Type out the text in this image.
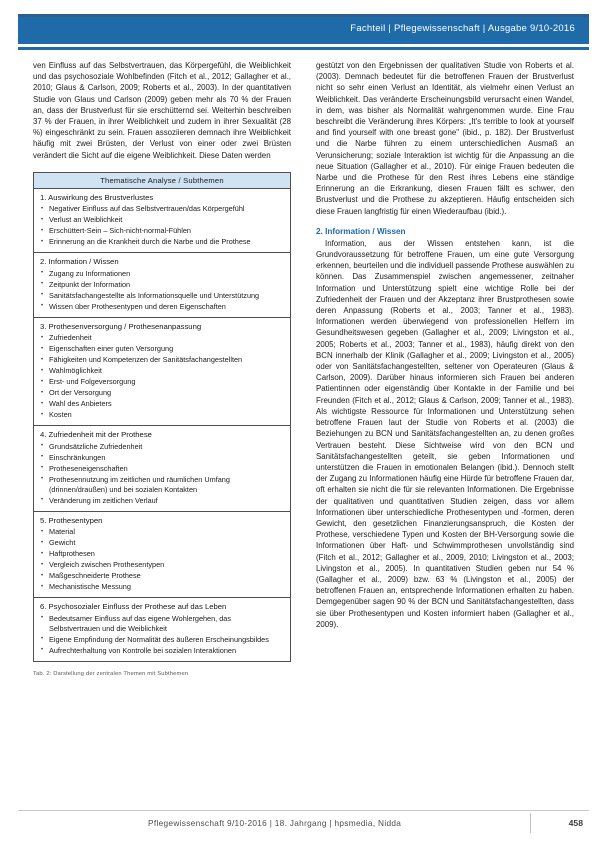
Fachteil | Pflegewissenschaft | Ausgabe 9/10-2016

ven Einfluss auf das Selbstvertrauen, das Körpergefühl, die Weiblichkeit und das psychosoziale Wohlbefinden (Fitch et al., 2012; Gallagher et al., 2010; Glaus & Carlson, 2009; Roberts et al., 2003). In der quantitativen Studie von Glaus und Carlson (2009) geben mehr als 70 % der Frauen an, dass der Brustverlust für sie erschütternd sei. Weiterhin beschreiben 37 % der Frauen, in ihrer Weiblichkeit und zudem in ihrer Sexualität (28 %) eingeschränkt zu sein. Frauen assoziieren demnach ihre Weiblichkeit häufig mit zwei Brüsten, der Verlust von einer oder zwei Brüsten verändert die Sicht auf die eigene Weiblichkeit. Diese Daten werden

Thematische Analyse / Subthemen
1. Auswirkung des Brustverlustes
• Negativer Einfluss auf das Selbstvertrauen/das Körpergefühl
• Verlust an Weiblichkeit
• Erschüttert-Sein – Sich-nicht-normal-Fühlen
• Erinnerung an die Krankheit durch die Narbe und die Prothese
2. Information / Wissen
• Zugang zu Informationen
• Zeitpunkt der Information
• Sanitätsfachangestellte als Informationsquelle und Unterstützung
• Wissen über Prothesentypen und deren Eigenschaften
3. Prothesenversorgung / Prothesenanpassung
• Zufriedenheit
• Eigenschaften einer guten Versorgung
• Fähigkeiten und Kompetenzen der Sanitätsfachangestellten
• Wahlmöglichkeit
• Erst- und Folgeversorgung
• Ort der Versorgung
• Wahl des Anbieters
• Kosten
4. Zufriedenheit mit der Prothese
• Grundsätzliche Zufriedenheit
• Einschränkungen
• Protheseneigenschaften
• Prothesennutzung im zeitlichen und räumlichen Umfang (drinnen/draußen) und bei sozialen Kontakten
• Veränderung im zeitlichen Verlauf
5. Prothesentypen
• Material
• Gewicht
• Haftprothesen
• Vergleich zwischen Prothesentypen
• Maßgeschneiderte Prothese
• Mechanistische Messung
6. Psychosozialer Einfluss der Prothese auf das Leben
• Bedeutsamer Einfluss auf das eigene Wohlergehen, das Selbstvertrauen und die Weiblichkeit
• Eigene Empfindung der Normalität des äußeren Erscheinungsbildes
• Aufrechterhaltung von Kontrolle bei sozialen Interaktionen
Tab. 2: Darstellung der zentralen Themen mit Subthemen

gestützt von den Ergebnissen der qualitativen Studie von Roberts et al. (2003). Demnach bedeutet für die betroffenen Frauen der Brustverlust nicht so sehr einen Verlust an Identität, als vielmehr einen Verlust an Weiblichkeit. Das veränderte Erscheinungsbild verursacht einen Wandel, in dem, was bisher als Normalität wahrgenommen wurde. Eine Frau beschreibt die Veränderung ihres Körpers: „It's terrible to look at yourself and find yourself with one breast gone" (ibid., p. 182). Der Brustverlust und die Narbe führen zu einem unterschiedlichen Ausmaß an Verunsicherung; soziale Interaktion ist wichtig für die Anpassung an die neue Situation (Gallagher et al., 2010). Für einige Frauen bedeuten die Narbe und die Prothese für den Rest ihres Lebens eine ständige Erinnerung an die Erkrankung, diesen Frauen fällt es schwer, den Brustverlust und die Prothese zu akzeptieren. Häufig entscheiden sich diese Frauen langfristig für einen Wiederaufbau (ibid.).

2. Information / Wissen

Information, aus der Wissen entstehen kann, ist die Grundvoraussetzung für betroffene Frauen, um eine gute Versorgung erkennen, beurteilen und die individuell passende Prothese auswählen zu können. Das Zusammenspiel zwischen angemessener, zeitnaher Information und Unterstützung spielt eine wichtige Rolle bei der Zufriedenheit der Frauen und der Akzeptanz ihrer Brustprothesen sowie deren Anpassung (Roberts et al., 2003; Tanner et al., 1983). Informationen werden überwiegend von professionellen Helfern im Gesundheitswesen gegeben (Gallagher et al., 2009; Livingston et al., 2005; Roberts et al., 2003; Tanner et al., 1983), häufig direkt von den BCN innerhalb der Klinik (Gallagher et al., 2009; Livingston et al., 2005) oder von Sanitätsfachangestellten, seltener von Operateuren (Glaus & Carlson, 2009). Darüber hinaus informieren sich Frauen bei anderen Patientinnen oder eigenständig über Kontakte in der Familie und bei Freunden (Fitch et al., 2012; Glaus & Carlson, 2009; Tanner et al., 1983). Als wichtigste Ressource für Informationen und Unterstützung sehen betroffene Frauen laut der Studie von Roberts et al. (2003) die Beziehungen zu BCN und Sanitätsfachangestellten an, zu denen großes Vertrauen besteht. Diese Sichtweise wird von den BCN und Sanitätsfachangestellten geteilt, sie geben Informationen und unterstützen die Frauen in emotionalen Belangen (ibid.). Dennoch stellt der Zugang zu Informationen häufig eine Hürde für betroffene Frauen dar, oft erhalten sie nicht die für sie relevanten Informationen. Die Ergebnisse der qualitativen und quantitativen Studien zeigen, dass vor allem Informationen über unterschiedliche Prothesentypen und -formen, deren Gewicht, den gesetzlichen Finanzierungsanspruch, die Kosten der Prothese, verschiedene Typen und Kosten der BH-Versorgung sowie die Informationen über Haft- und Schwimmprothesen unvollständig sind (Fitch et al., 2012; Gallagher et al., 2009, 2010; Livingston et al., 2003; Livingston et al., 2005). In quantitativen Studien geben nur 54 % (Gallagher et al., 2009) bzw. 63 % (Livingston et al., 2005) der betroffenen Frauen an, entsprechende Informationen erhalten zu haben. Demgegenüber sagen 90 % der BCN und Sanitätsfachangestellten, dass sie über Prothesentypen und Kosten informiert haben (Gallagher et al., 2009).

Pflegewissenschaft 9/10-2016 | 18. Jahrgang | hpsmedia, Nidda	458
